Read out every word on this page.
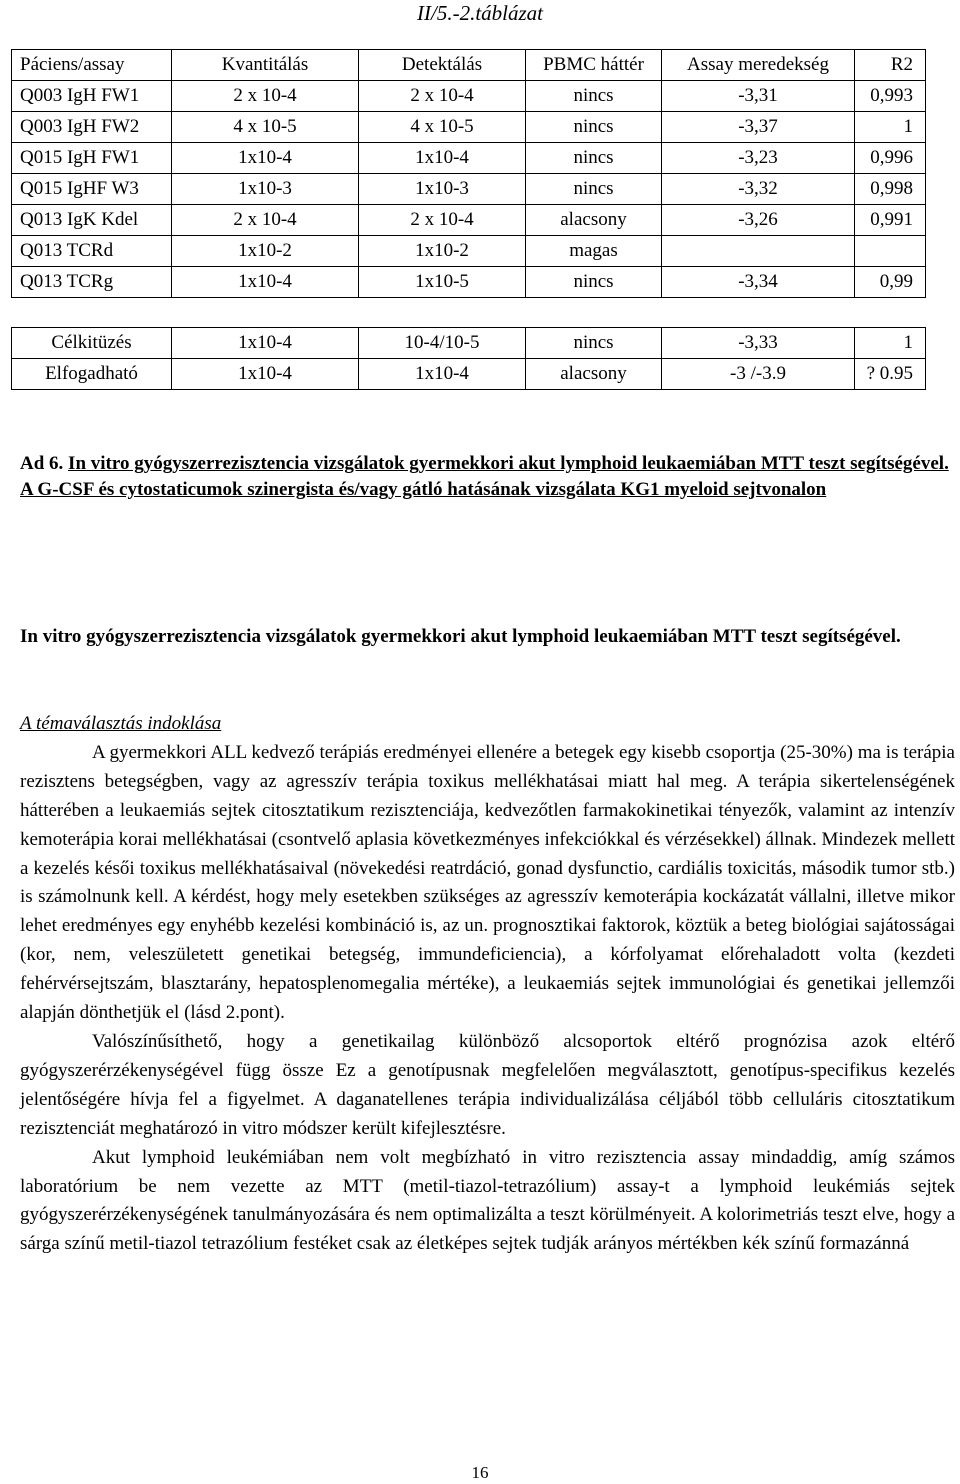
II/5.-2.táblázat
Páciens/assay	Kvantitálás	Detektálás	PBMC háttér	Assay meredekség	R2
Q003 IgH FW1	2 x 10-4	2 x 10-4	nincs	-3,31	0,993
Q003 IgH FW2	4 x 10-5	4 x 10-5	nincs	-3,37	1
Q015 IgH FW1	1x10-4	1x10-4	nincs	-3,23	0,996
Q015 IgHF W3	1x10-3	1x10-3	nincs	-3,32	0,998
Q013 IgK Kdel	2 x 10-4	2 x 10-4	alacsony	-3,26	0,991
Q013 TCRd	1x10-2	1x10-2	magas		
Q013 TCRg	1x10-4	1x10-5	nincs	-3,34	0,99

Célkitüzés	1x10-4	10-4/10-5	nincs	-3,33	1
Elfogadható	1x10-4	1x10-4	alacsony	-3 /-3.9	? 0.95
Ad 6. In vitro gyógyszerrezisztencia vizsgálatok gyermekkori akut lymphoid leukaemiában MTT teszt segítségével.
A G-CSF és cytostaticumok szinergista és/vagy gátló hatásának vizsgálata KG1 myeloid sejtvonalon
In vitro gyógyszerrezisztencia vizsgálatok gyermekkori akut lymphoid leukaemiában MTT teszt segítségével.
A témaválasztás indoklása

A gyermekkori ALL kedvező terápiás eredményei ellenére a betegek egy kisebb csoportja (25-30%) ma is terápia rezisztens betegségben, vagy az agresszív terápia toxikus mellékhatásai miatt hal meg. A terápia sikertelenségének hátterében a leukaemiás sejtek citosztatikum rezisztenciája, kedvezőtlen farmakokinetikai tényezők, valamint az intenzív kemoterápia korai mellékhatásai (csontvelő aplasia következményes infekciókkal és vérzésekkel) állnak. Mindezek mellett a kezelés késői toxikus mellékhatásaival (növekedési reatrdáció, gonad dysfunctio, cardiális toxicitás, második tumor stb.) is számolnunk kell. A kérdést, hogy mely esetekben szükséges az agresszív kemoterápia kockázatát vállalni, illetve mikor lehet eredményes egy enyhébb kezelési kombináció is, az un. prognosztikai faktorok, köztük a beteg biológiai sajátosságai (kor, nem, veleszületett genetikai betegség, immundeficiencia), a kórfolyamat előrehaladott volta (kezdeti fehérvérsejtszám, blasztarány, hepatosplenomegalia mértéke), a leukaemiás sejtek immunológiai és genetikai jellemzői alapján dönthetjük el (lásd 2.pont).

Valószínűsíthető, hogy a genetikailag különböző alcsoportok eltérő prognózisa azok eltérő gyógyszerérzékenységével függ össze Ez a genotípusnak megfelelően megválasztott, genotípus-specifikus kezelés jelentőségére hívja fel a figyelmet. A daganatellenes terápia individualizálása céljából több celluláris citosztatikum rezisztenciát meghatározó in vitro módszer került kifejlesztésre.

Akut lymphoid leukémiában nem volt megbízható in vitro rezisztencia assay mindaddig, amíg számos laboratórium be nem vezette az MTT (metil-tiazol-tetrazólium) assay-t a lymphoid leukémiás sejtek gyógyszerérzékenységének tanulmányozására és nem optimalizálta a teszt körülményeit. A kolorimetriás teszt elve, hogy a sárga színű metil-tiazol tetrazólium festéket csak az életképes sejtek tudják arányos mértékben kék színű formazánná

16
